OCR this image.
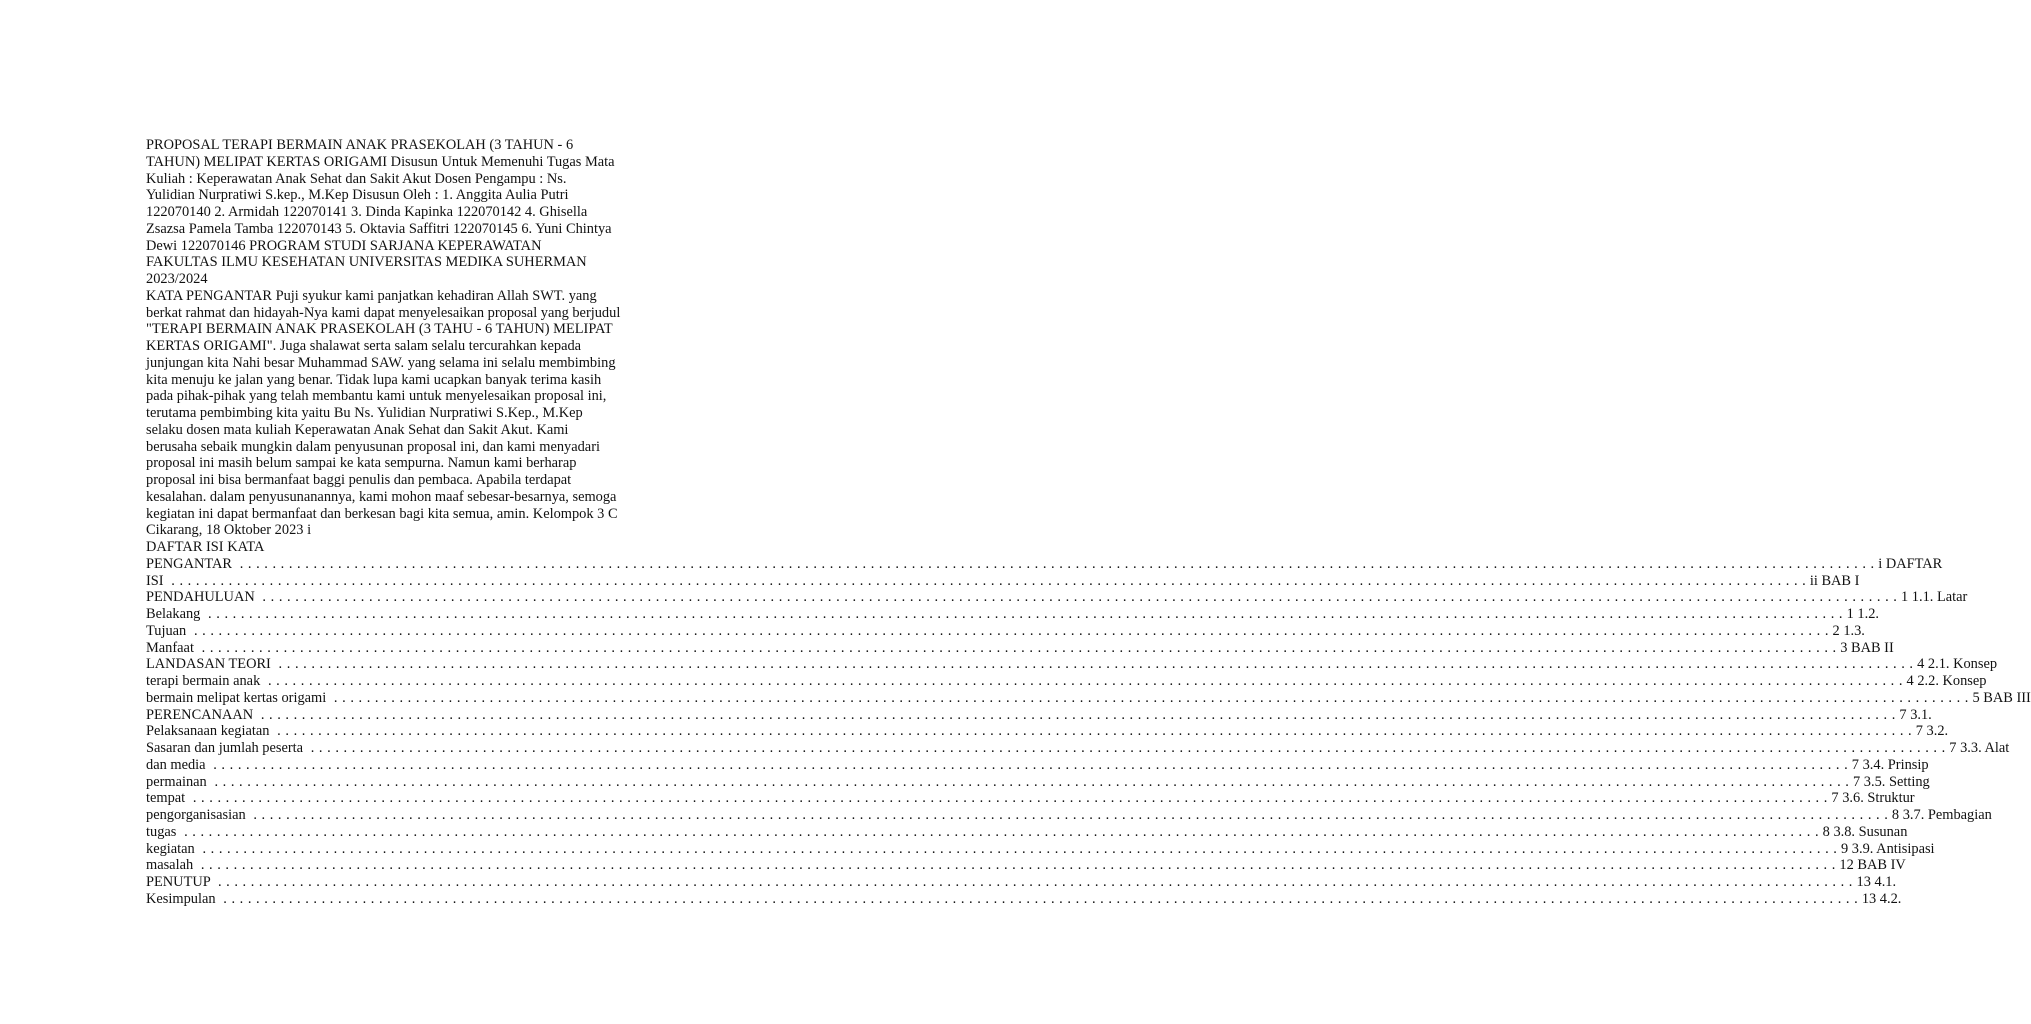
PROPOSAL TERAPI BERMAIN ANAK PRASEKOLAH (3 TAHUN - 6
TAHUN) MELIPAT KERTAS ORIGAMI Disusun Untuk Memenuhi Tugas Mata
Kuliah : Keperawatan Anak Sehat dan Sakit Akut Dosen Pengampu : Ns.
Yulidian Nurpratiwi S.kep., M.Kep Disusun Oleh : 1. Anggita Aulia Putri
122070140 2. Armidah 122070141 3. Dinda Kapinka 122070142 4. Ghisella
Zsazsa Pamela Tamba 122070143 5. Oktavia Saffitri 122070145 6. Yuni Chintya
Dewi 122070146 PROGRAM STUDI SARJANA KEPERAWATAN
FAKULTAS ILMU KESEHATAN UNIVERSITAS MEDIKA SUHERMAN
2023/2024
KATA PENGANTAR Puji syukur kami panjatkan kehadiran Allah SWT. yang
berkat rahmat dan hidayah-Nya kami dapat menyelesaikan proposal yang berjudul
"TERAPI BERMAIN ANAK PRASEKOLAH (3 TAHU - 6 TAHUN) MELIPAT
KERTAS ORIGAMI". Juga shalawat serta salam selalu tercurahkan kepada
junjungan kita Nahi besar Muhammad SAW. yang selama ini selalu membimbing
kita menuju ke jalan yang benar. Tidak lupa kami ucapkan banyak terima kasih
pada pihak-pihak yang telah membantu kami untuk menyelesaikan proposal ini,
terutama pembimbing kita yaitu Bu Ns. Yulidian Nurpratiwi S.Kep., M.Kep
selaku dosen mata kuliah Keperawatan Anak Sehat dan Sakit Akut. Kami
berusaha sebaik mungkin dalam penyusunan proposal ini, dan kami menyadari
proposal ini masih belum sampai ke kata sempurna. Namun kami berharap
proposal ini bisa bermanfaat baggi penulis dan pembaca. Apabila terdapat
kesalahan. dalam penyusunanannya, kami mohon maaf sebesar-besarnya, semoga
kegiatan ini dapat bermanfaat dan berkesan bagi kita semua, amin. Kelompok 3 C
Cikarang, 18 Oktober 2023 i
DAFTAR ISI KATA
PENGANTAR . . . . . . . . . . . . . . . . . . . . . . . . . . . . . . . . . . . . . . . . . . . . . . . . . . . . . . . . . . . . . . . . . . . . . . . . . . . . . . . . . . . . . . . . . . . . . . . . . . . . . . . . . . . . . . . . . . . . . . . . . . . . . . . . . . . . . . . . . . . . . . . . . . . . . . . . . . . . . . . . . . . . . . . . . . . . . . . . . . . . . . . . . . . . . . . . . . . . . . . . i DAFTAR
ISI . . . . . . . . . . . . . . . . . . . . . . . . . . . . . . . . . . . . . . . . . . . . . . . . . . . . . . . . . . . . . . . . . . . . . . . . . . . . . . . . . . . . . . . . . . . . . . . . . . . . . . . . . . . . . . . . . . . . . . . . . . . . . . . . . . . . . . . . . . . . . . . . . . . . . . . . . . . . . . . . . . . . . . . . . . . . . . . . . . . . . . . . . . . . . . . . . . . . . . . . ii BAB I
PENDAHULUAN . . . . . . . . . . . . . . . . . . . . . . . . . . . . . . . . . . . . . . . . . . . . . . . . . . . . . . . . . . . . . . . . . . . . . . . . . . . . . . . . . . . . . . . . . . . . . . . . . . . . . . . . . . . . . . . . . . . . . . . . . . . . . . . . . . . . . . . . . . . . . . . . . . . . . . . . . . . . . . . . . . . . . . . . . . . . . . . . . . . . . . . . . . . . . . . . . . . . . . . . 1 1.1. Latar
Belakang . . . . . . . . . . . . . . . . . . . . . . . . . . . . . . . . . . . . . . . . . . . . . . . . . . . . . . . . . . . . . . . . . . . . . . . . . . . . . . . . . . . . . . . . . . . . . . . . . . . . . . . . . . . . . . . . . . . . . . . . . . . . . . . . . . . . . . . . . . . . . . . . . . . . . . . . . . . . . . . . . . . . . . . . . . . . . . . . . . . . . . . . . . . . . . . . . . . . . . . . 1 1.2.
Tujuan . . . . . . . . . . . . . . . . . . . . . . . . . . . . . . . . . . . . . . . . . . . . . . . . . . . . . . . . . . . . . . . . . . . . . . . . . . . . . . . . . . . . . . . . . . . . . . . . . . . . . . . . . . . . . . . . . . . . . . . . . . . . . . . . . . . . . . . . . . . . . . . . . . . . . . . . . . . . . . . . . . . . . . . . . . . . . . . . . . . . . . . . . . . . . . . . . . . . . . . . 2 1.3.
Manfaat . . . . . . . . . . . . . . . . . . . . . . . . . . . . . . . . . . . . . . . . . . . . . . . . . . . . . . . . . . . . . . . . . . . . . . . . . . . . . . . . . . . . . . . . . . . . . . . . . . . . . . . . . . . . . . . . . . . . . . . . . . . . . . . . . . . . . . . . . . . . . . . . . . . . . . . . . . . . . . . . . . . . . . . . . . . . . . . . . . . . . . . . . . . . . . . . . . . . . . . . 3 BAB II
LANDASAN TEORI . . . . . . . . . . . . . . . . . . . . . . . . . . . . . . . . . . . . . . . . . . . . . . . . . . . . . . . . . . . . . . . . . . . . . . . . . . . . . . . . . . . . . . . . . . . . . . . . . . . . . . . . . . . . . . . . . . . . . . . . . . . . . . . . . . . . . . . . . . . . . . . . . . . . . . . . . . . . . . . . . . . . . . . . . . . . . . . . . . . . . . . . . . . . . . . . . . . . . . . . 4 2.1. Konsep
terapi bermain anak . . . . . . . . . . . . . . . . . . . . . . . . . . . . . . . . . . . . . . . . . . . . . . . . . . . . . . . . . . . . . . . . . . . . . . . . . . . . . . . . . . . . . . . . . . . . . . . . . . . . . . . . . . . . . . . . . . . . . . . . . . . . . . . . . . . . . . . . . . . . . . . . . . . . . . . . . . . . . . . . . . . . . . . . . . . . . . . . . . . . . . . . . . . . . . . . . . . . . . . . 4 2.2. Konsep
bermain melipat kertas origami . . . . . . . . . . . . . . . . . . . . . . . . . . . . . . . . . . . . . . . . . . . . . . . . . . . . . . . . . . . . . . . . . . . . . . . . . . . . . . . . . . . . . . . . . . . . . . . . . . . . . . . . . . . . . . . . . . . . . . . . . . . . . . . . . . . . . . . . . . . . . . . . . . . . . . . . . . . . . . . . . . . . . . . . . . . . . . . . . . . . . . . . . . . . . . . . . . . . . . . . 5 BAB III
PERENCANAAN . . . . . . . . . . . . . . . . . . . . . . . . . . . . . . . . . . . . . . . . . . . . . . . . . . . . . . . . . . . . . . . . . . . . . . . . . . . . . . . . . . . . . . . . . . . . . . . . . . . . . . . . . . . . . . . . . . . . . . . . . . . . . . . . . . . . . . . . . . . . . . . . . . . . . . . . . . . . . . . . . . . . . . . . . . . . . . . . . . . . . . . . . . . . . . . . . . . . . . . . 7 3.1.
Pelaksanaan kegiatan . . . . . . . . . . . . . . . . . . . . . . . . . . . . . . . . . . . . . . . . . . . . . . . . . . . . . . . . . . . . . . . . . . . . . . . . . . . . . . . . . . . . . . . . . . . . . . . . . . . . . . . . . . . . . . . . . . . . . . . . . . . . . . . . . . . . . . . . . . . . . . . . . . . . . . . . . . . . . . . . . . . . . . . . . . . . . . . . . . . . . . . . . . . . . . . . . . . . . . . . 7 3.2.
Sasaran dan jumlah peserta . . . . . . . . . . . . . . . . . . . . . . . . . . . . . . . . . . . . . . . . . . . . . . . . . . . . . . . . . . . . . . . . . . . . . . . . . . . . . . . . . . . . . . . . . . . . . . . . . . . . . . . . . . . . . . . . . . . . . . . . . . . . . . . . . . . . . . . . . . . . . . . . . . . . . . . . . . . . . . . . . . . . . . . . . . . . . . . . . . . . . . . . . . . . . . . . . . . . . . . . 7 3.3. Alat
dan media . . . . . . . . . . . . . . . . . . . . . . . . . . . . . . . . . . . . . . . . . . . . . . . . . . . . . . . . . . . . . . . . . . . . . . . . . . . . . . . . . . . . . . . . . . . . . . . . . . . . . . . . . . . . . . . . . . . . . . . . . . . . . . . . . . . . . . . . . . . . . . . . . . . . . . . . . . . . . . . . . . . . . . . . . . . . . . . . . . . . . . . . . . . . . . . . . . . . . . . . 7 3.4. Prinsip
permainan . . . . . . . . . . . . . . . . . . . . . . . . . . . . . . . . . . . . . . . . . . . . . . . . . . . . . . . . . . . . . . . . . . . . . . . . . . . . . . . . . . . . . . . . . . . . . . . . . . . . . . . . . . . . . . . . . . . . . . . . . . . . . . . . . . . . . . . . . . . . . . . . . . . . . . . . . . . . . . . . . . . . . . . . . . . . . . . . . . . . . . . . . . . . . . . . . . . . . . . . 7 3.5. Setting
tempat . . . . . . . . . . . . . . . . . . . . . . . . . . . . . . . . . . . . . . . . . . . . . . . . . . . . . . . . . . . . . . . . . . . . . . . . . . . . . . . . . . . . . . . . . . . . . . . . . . . . . . . . . . . . . . . . . . . . . . . . . . . . . . . . . . . . . . . . . . . . . . . . . . . . . . . . . . . . . . . . . . . . . . . . . . . . . . . . . . . . . . . . . . . . . . . . . . . . . . . . 7 3.6. Struktur
pengorganisasian . . . . . . . . . . . . . . . . . . . . . . . . . . . . . . . . . . . . . . . . . . . . . . . . . . . . . . . . . . . . . . . . . . . . . . . . . . . . . . . . . . . . . . . . . . . . . . . . . . . . . . . . . . . . . . . . . . . . . . . . . . . . . . . . . . . . . . . . . . . . . . . . . . . . . . . . . . . . . . . . . . . . . . . . . . . . . . . . . . . . . . . . . . . . . . . . . . . . . . . . 8 3.7. Pembagian
tugas . . . . . . . . . . . . . . . . . . . . . . . . . . . . . . . . . . . . . . . . . . . . . . . . . . . . . . . . . . . . . . . . . . . . . . . . . . . . . . . . . . . . . . . . . . . . . . . . . . . . . . . . . . . . . . . . . . . . . . . . . . . . . . . . . . . . . . . . . . . . . . . . . . . . . . . . . . . . . . . . . . . . . . . . . . . . . . . . . . . . . . . . . . . . . . . . . . . . . . . . 8 3.8. Susunan
kegiatan . . . . . . . . . . . . . . . . . . . . . . . . . . . . . . . . . . . . . . . . . . . . . . . . . . . . . . . . . . . . . . . . . . . . . . . . . . . . . . . . . . . . . . . . . . . . . . . . . . . . . . . . . . . . . . . . . . . . . . . . . . . . . . . . . . . . . . . . . . . . . . . . . . . . . . . . . . . . . . . . . . . . . . . . . . . . . . . . . . . . . . . . . . . . . . . . . . . . . . . . 9 3.9. Antisipasi
masalah . . . . . . . . . . . . . . . . . . . . . . . . . . . . . . . . . . . . . . . . . . . . . . . . . . . . . . . . . . . . . . . . . . . . . . . . . . . . . . . . . . . . . . . . . . . . . . . . . . . . . . . . . . . . . . . . . . . . . . . . . . . . . . . . . . . . . . . . . . . . . . . . . . . . . . . . . . . . . . . . . . . . . . . . . . . . . . . . . . . . . . . . . . . . . . . . . . . . . . . . 12 BAB IV
PENUTUP . . . . . . . . . . . . . . . . . . . . . . . . . . . . . . . . . . . . . . . . . . . . . . . . . . . . . . . . . . . . . . . . . . . . . . . . . . . . . . . . . . . . . . . . . . . . . . . . . . . . . . . . . . . . . . . . . . . . . . . . . . . . . . . . . . . . . . . . . . . . . . . . . . . . . . . . . . . . . . . . . . . . . . . . . . . . . . . . . . . . . . . . . . . . . . . . . . . . . . . . 13 4.1.
Kesimpulan . . . . . . . . . . . . . . . . . . . . . . . . . . . . . . . . . . . . . . . . . . . . . . . . . . . . . . . . . . . . . . . . . . . . . . . . . . . . . . . . . . . . . . . . . . . . . . . . . . . . . . . . . . . . . . . . . . . . . . . . . . . . . . . . . . . . . . . . . . . . . . . . . . . . . . . . . . . . . . . . . . . . . . . . . . . . . . . . . . . . . . . . . . . . . . . . . . . . . . . . 13 4.2.
